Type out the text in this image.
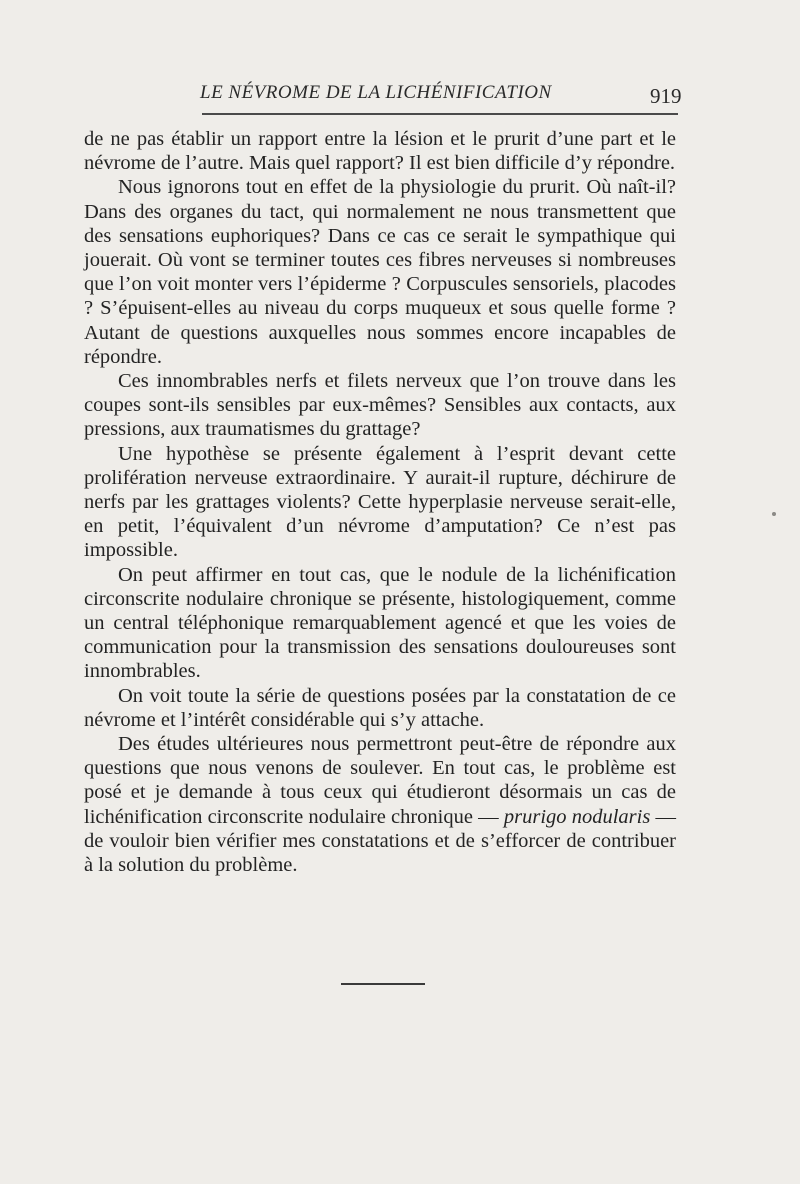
LE NÉVROME DE LA LICHÉNIFICATION	919

de ne pas établir un rapport entre la lésion et le prurit d’une part et le névrome de l’autre. Mais quel rapport? Il est bien difficile d’y répondre.

Nous ignorons tout en effet de la physiologie du prurit. Où naît-il? Dans des organes du tact, qui normalement ne nous transmettent que des sensations euphoriques? Dans ce cas ce serait le sympathique qui jouerait. Où vont se terminer toutes ces fibres nerveuses si nombreuses que l’on voit monter vers l’épiderme ? Corpuscules sensoriels, placodes ? S’épuisent-elles au niveau du corps muqueux et sous quelle forme ? Autant de questions auxquelles nous sommes encore incapables de répondre.

Ces innombrables nerfs et filets nerveux que l’on trouve dans les coupes sont-ils sensibles par eux-mêmes? Sensibles aux contacts, aux pressions, aux traumatismes du grattage?

Une hypothèse se présente également à l’esprit devant cette prolifération nerveuse extraordinaire. Y aurait-il rupture, déchirure de nerfs par les grattages violents? Cette hyperplasie nerveuse serait-elle, en petit, l’équivalent d’un névrome d’amputation? Ce n’est pas impossible.

On peut affirmer en tout cas, que le nodule de la lichénification circonscrite nodulaire chronique se présente, histologiquement, comme un central téléphonique remarquablement agencé et que les voies de communication pour la transmission des sensations douloureuses sont innombrables.

On voit toute la série de questions posées par la constatation de ce névrome et l’intérêt considérable qui s’y attache.

Des études ultérieures nous permettront peut-être de répondre aux questions que nous venons de soulever. En tout cas, le problème est posé et je demande à tous ceux qui étudieront désormais un cas de lichénification circonscrite nodulaire chronique — prurigo nodularis — de vouloir bien vérifier mes constatations et de s’efforcer de contribuer à la solution du problème.
